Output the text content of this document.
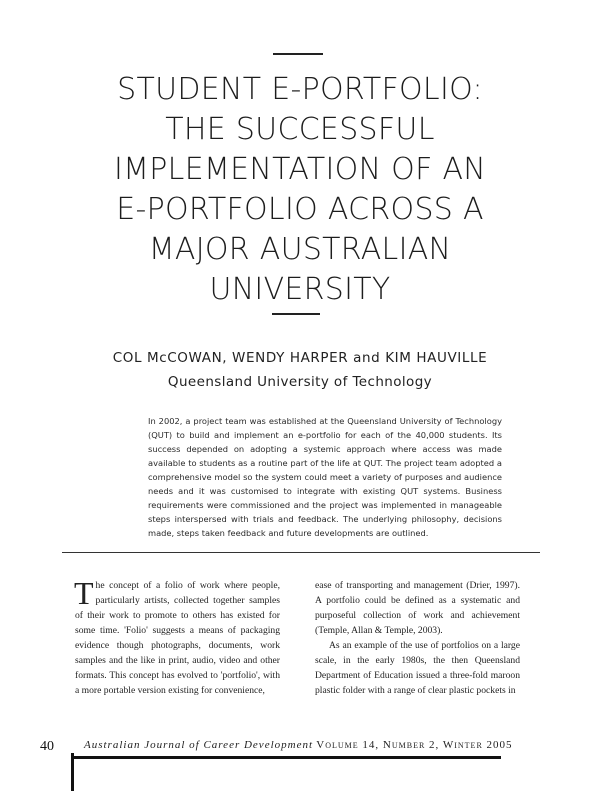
STUDENT E-PORTFOLIO:
THE SUCCESSFUL
IMPLEMENTATION OF AN
E-PORTFOLIO ACROSS A
MAJOR AUSTRALIAN
UNIVERSITY
COL McCOWAN, WENDY HARPER and KIM HAUVILLE
Queensland University of Technology
In 2002, a project team was established at the Queensland University of Technology (QUT) to build and implement an e-portfolio for each of the 40,000 students. Its success depended on adopting a systemic approach where access was made available to students as a routine part of the life at QUT. The project team adopted a comprehensive model so the system could meet a variety of purposes and audience needs and it was customised to integrate with existing QUT systems. Business requirements were commissioned and the project was implemented in manageable steps interspersed with trials and feedback. The underlying philosophy, decisions made, steps taken feedback and future developments are outlined.

The concept of a folio of work where people, particularly artists, collected together samples of their work to promote to others has existed for some time. 'Folio' suggests a means of packaging evidence though photographs, documents, work samples and the like in print, audio, video and other formats. This concept has evolved to 'portfolio', with a more portable version existing for convenience,

ease of transporting and management (Drier, 1997). A portfolio could be defined as a systematic and purposeful collection of work and achievement (Temple, Allan & Temple, 2003).

As an example of the use of portfolios on a large scale, in the early 1980s, the then Queensland Department of Education issued a three-fold maroon plastic folder with a range of clear plastic pockets in

40	Australian Journal of Career Development Volume 14, Number 2, Winter 2005
